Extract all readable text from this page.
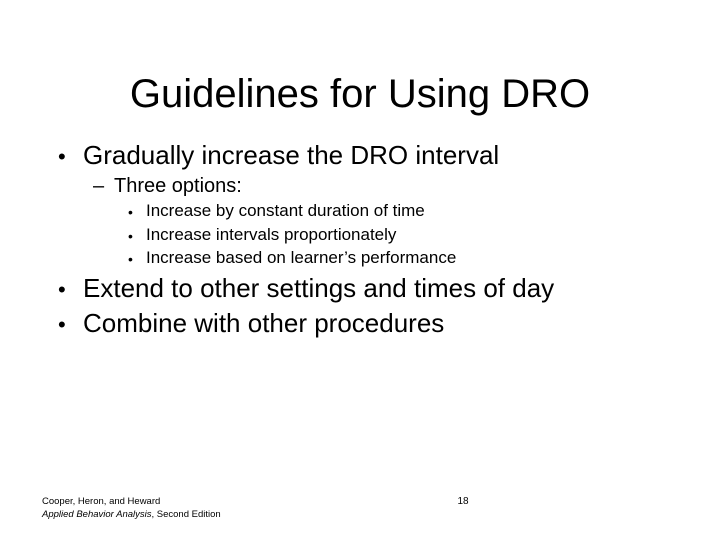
Guidelines for Using DRO
• Gradually increase the DRO interval
– Three options:
• Increase by constant duration of time
• Increase intervals proportionately
• Increase based on learner’s performance
• Extend to other settings and times of day
• Combine with other procedures
Cooper, Heron, and Heward
Applied Behavior Analysis, Second Edition
18
